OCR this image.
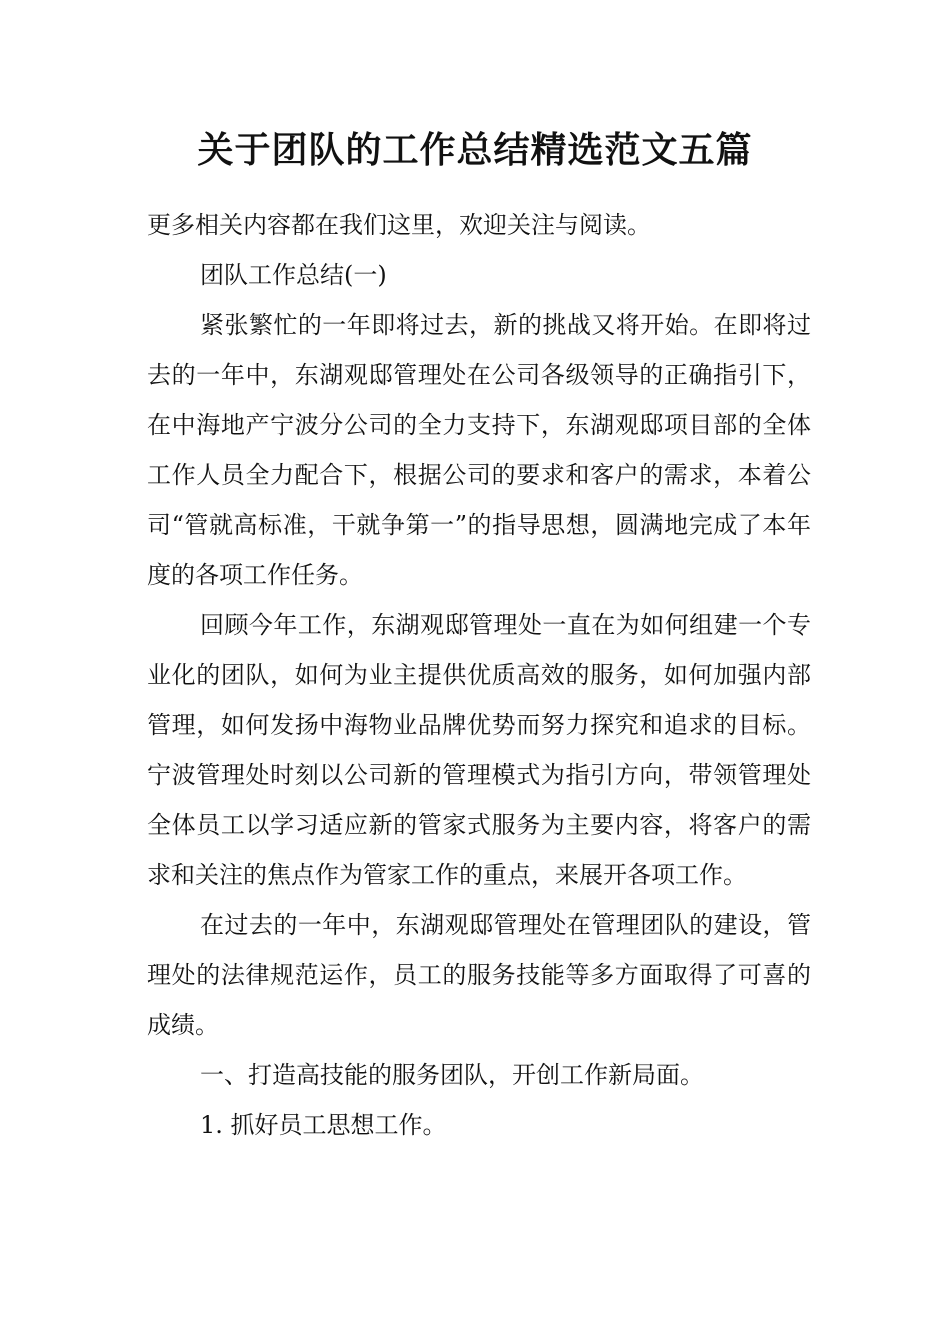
关于团队的工作总结精选范文五篇

更多相关内容都在我们这里，欢迎关注与阅读。

团队工作总结(一)

紧张繁忙的一年即将过去，新的挑战又将开始。在即将过去的一年中，东湖观邸管理处在公司各级领导的正确指引下，在中海地产宁波分公司的全力支持下，东湖观邸项目部的全体工作人员全力配合下，根据公司的要求和客户的需求，本着公司“管就高标准，干就争第一”的指导思想，圆满地完成了本年度的各项工作任务。

回顾今年工作，东湖观邸管理处一直在为如何组建一个专业化的团队，如何为业主提供优质高效的服务，如何加强内部管理，如何发扬中海物业品牌优势而努力探究和追求的目标。宁波管理处时刻以公司新的管理模式为指引方向，带领管理处全体员工以学习适应新的管家式服务为主要内容，将客户的需求和关注的焦点作为管家工作的重点，来展开各项工作。

在过去的一年中，东湖观邸管理处在管理团队的建设，管理处的法律规范运作，员工的服务技能等多方面取得了可喜的成绩。

一、打造高技能的服务团队，开创工作新局面。

1. 抓好员工思想工作。
